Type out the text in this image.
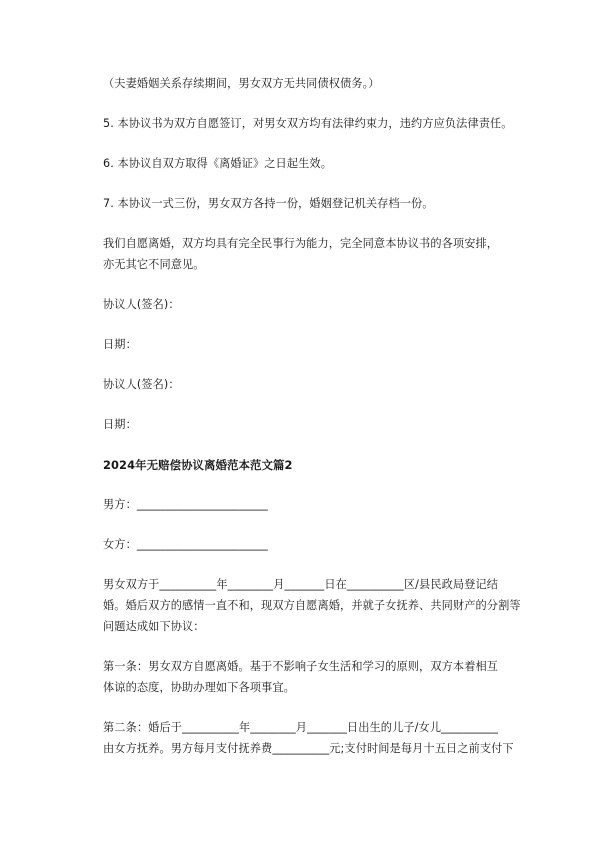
（夫妻婚姻关系存续期间，男女双方无共同债权债务。）
5. 本协议书为双方自愿签订，对男女双方均有法律约束力，违约方应负法律责任。
6. 本协议自双方取得《离婚证》之日起生效。
7. 本协议一式三份，男女双方各持一份，婚姻登记机关存档一份。
我们自愿离婚，双方均具有完全民事行为能力，完全同意本协议书的各项安排，
亦无其它不同意见。
协议人(签名)：
日期：
协议人(签名)：
日期：
2024年无赔偿协议离婚范本范文篇2
男方：_______________________
女方：_______________________
男女双方于__________年________月_______日在__________区/县民政局登记结
婚。婚后双方的感情一直不和，现双方自愿离婚，并就子女抚养、共同财产的分割等
问题达成如下协议：
第一条：男女双方自愿离婚。基于不影响子女生活和学习的原则，双方本着相互
体谅的态度，协助办理如下各项事宜。
第二条：婚后于__________年________月_______日出生的儿子/女儿__________
由女方抚养。男方每月支付抚养费__________元;支付时间是每月十五日之前支付下
